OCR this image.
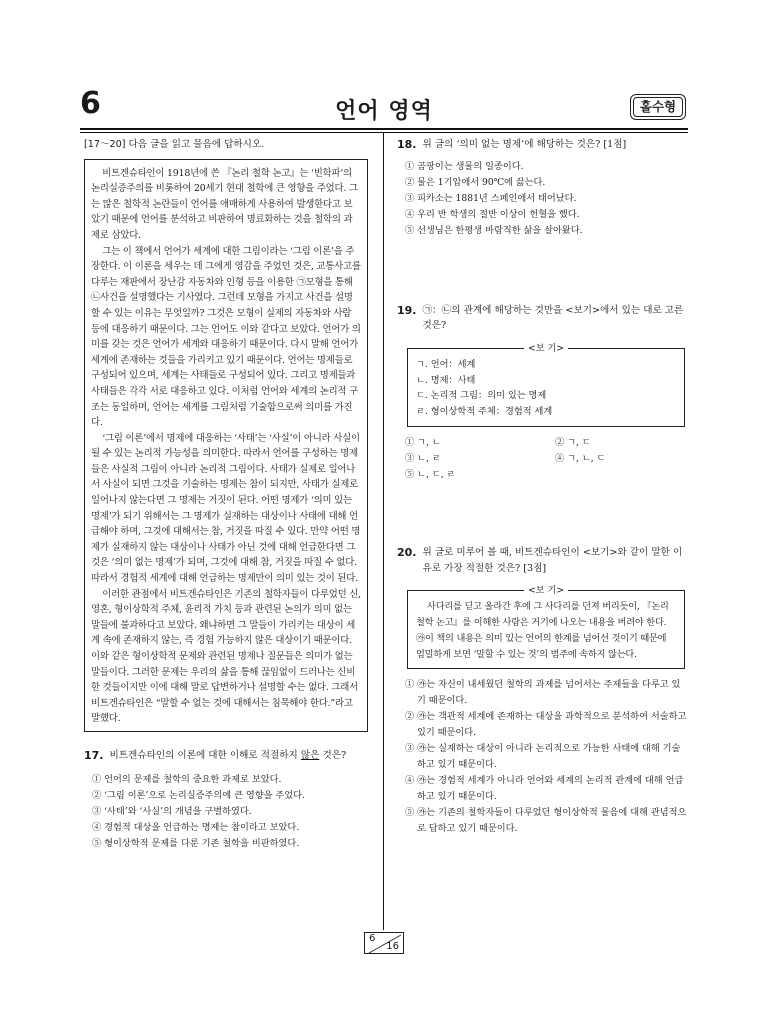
6	언어 영역	홀수형
[17～20] 다음 글을 읽고 물음에 답하시오.

비트겐슈타인이 1918년에 쓴 『논리 철학 논고』는 ‘빈학파’의 논리실증주의를 비롯하여 20세기 현대 철학에 큰 영향을 주었다. 그는 많은 철학적 논란들이 언어를 애매하게 사용하여 발생한다고 보았기 때문에 언어를 분석하고 비판하여 명료화하는 것을 철학의 과제로 삼았다.

그는 이 책에서 언어가 세계에 대한 그림이라는 ‘그림 이론’을 주장한다. 이 이론을 세우는 데 그에게 영감을 주었던 것은, 교통사고를 다루는 재판에서 장난감 자동차와 인형 등을 이용한 ㉠모형을 통해 ㉡사건을 설명했다는 기사였다. 그런데 모형을 가지고 사건을 설명할 수 있는 이유는 무엇일까? 그것은 모형이 실제의 자동차와 사람 등에 대응하기 때문이다. 그는 언어도 이와 같다고 보았다. 언어가 의미를 갖는 것은 언어가 세계와 대응하기 때문이다. 다시 말해 언어가 세계에 존재하는 것들을 가리키고 있기 때문이다. 언어는 명제들로 구성되어 있으며, 세계는 사태들로 구성되어 있다. 그리고 명제들과 사태들은 각각 서로 대응하고 있다. 이처럼 언어와 세계의 논리적 구조는 동일하며, 언어는 세계를 그림처럼 기술함으로써 의미를 가진다.

‘그림 이론’에서 명제에 대응하는 ‘사태’는 ‘사실’이 아니라 사실이 될 수 있는 논리적 가능성을 의미한다. 따라서 언어를 구성하는 명제들은 사실적 그림이 아니라 논리적 그림이다. 사태가 실제로 일어나서 사실이 되면 그것을 기술하는 명제는 참이 되지만, 사태가 실제로 일어나지 않는다면 그 명제는 거짓이 된다. 어떤 명제가 ‘의미 있는 명제’가 되기 위해서는 그 명제가 실재하는 대상이나 사태에 대해 언급해야 하며, 그것에 대해서는 참, 거짓을 따질 수 있다. 만약 어떤 명제가 실재하지 않는 대상이나 사태가 아닌 것에 대해 언급한다면 그것은 ‘의미 없는 명제’가 되며, 그것에 대해 참, 거짓을 따질 수 없다. 따라서 경험적 세계에 대해 언급하는 명제만이 의미 있는 것이 된다.

이러한 관점에서 비트겐슈타인은 기존의 철학자들이 다루었던 신, 영혼, 형이상학적 주체, 윤리적 가치 등과 관련된 논의가 의미 없는 말들에 불과하다고 보았다. 왜냐하면 그 말들이 가리키는 대상이 세계 속에 존재하지 않는, 즉 경험 가능하지 않은 대상이기 때문이다. 이와 같은 형이상학적 문제와 관련된 명제나 질문들은 의미가 없는 말들이다. 그러한 문제는 우리의 삶을 통해 끊임없이 드러나는 신비한 것들이지만 이에 대해 말로 답변하거나 설명할 수는 없다. 그래서 비트겐슈타인은 “말할 수 없는 것에 대해서는 침묵해야 한다.”라고 말했다.

17. 비트겐슈타인의 이론에 대한 이해로 적절하지 않은 것은?
① 언어의 문제를 철학의 중요한 과제로 보았다.
② ‘그림 이론’으로 논리실증주의에 큰 영향을 주었다.
③ ‘사태’와 ‘사실’의 개념을 구별하였다.
④ 경험적 대상을 언급하는 명제는 참이라고 보았다.
⑤ 형이상학적 문제를 다룬 기존 철학을 비판하였다.
18. 위 글의 ‘의미 없는 명제’에 해당하는 것은? [1점]
① 곰팡이는 생물의 일종이다.
② 물은 1기압에서 90℃에 끓는다.
③ 피카소는 1881년 스페인에서 태어났다.
④ 우리 반 학생의 절반 이상이 헌혈을 했다.
⑤ 선생님은 한평생 바람직한 삶을 살아왔다.
19. ㉠：㉡의 관계에 해당하는 것만을 <보기>에서 있는 대로 고른 것은?
<보 기>
ㄱ. 언어：세계
ㄴ. 명제：사태
ㄷ. 논리적 그림：의미 있는 명제
ㄹ. 형이상학적 주체：경험적 세계
① ㄱ, ㄴ	② ㄱ, ㄷ
③ ㄴ, ㄹ	④ ㄱ, ㄴ, ㄷ
⑤ ㄴ, ㄷ, ㄹ
20. 위 글로 미루어 볼 때, 비트겐슈타인이 <보기>와 같이 말한 이유로 가장 적절한 것은? [3점]
<보 기>
사다리를 딛고 올라간 후에 그 사다리를 던져 버리듯이, 『논리 철학 논고』를 이해한 사람은 거기에 나오는 내용을 버려야 한다. ㉮이 책의 내용은 의미 있는 언어의 한계를 넘어선 것이기 때문에 엄밀하게 보면 ‘말할 수 있는 것’의 범주에 속하지 않는다.
① ㉮는 자신이 내세웠던 철학의 과제를 넘어서는 주제들을 다루고 있기 때문이다.
② ㉮는 객관적 세계에 존재하는 대상을 과학적으로 분석하여 서술하고 있기 때문이다.
③ ㉮는 실재하는 대상이 아니라 논리적으로 가능한 사태에 대해 기술하고 있기 때문이다.
④ ㉮는 경험적 세계가 아니라 언어와 세계의 논리적 관계에 대해 언급하고 있기 때문이다.
⑤ ㉮는 기존의 철학자들이 다루었던 형이상학적 물음에 대해 관념적으로 답하고 있기 때문이다.
6
16
